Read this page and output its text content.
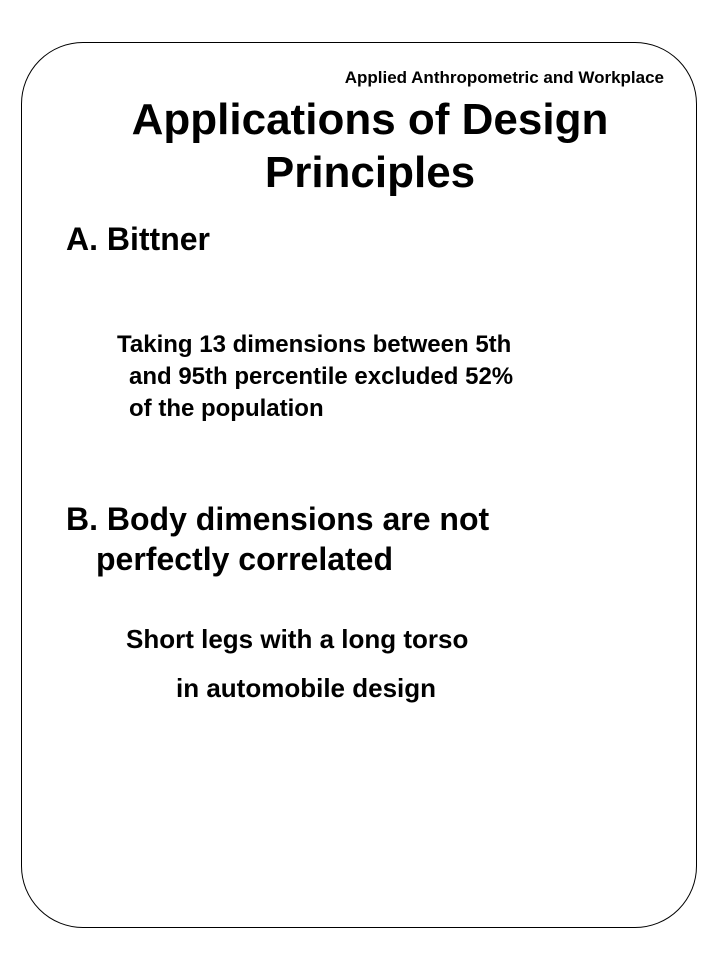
Applied Anthropometric and Workplace
Applications of Design
Principles
A. Bittner
Taking 13 dimensions between 5th
and 95th percentile excluded 52%
of the population
B. Body dimensions are not
perfectly correlated
Short legs with a long torso
in automobile design
